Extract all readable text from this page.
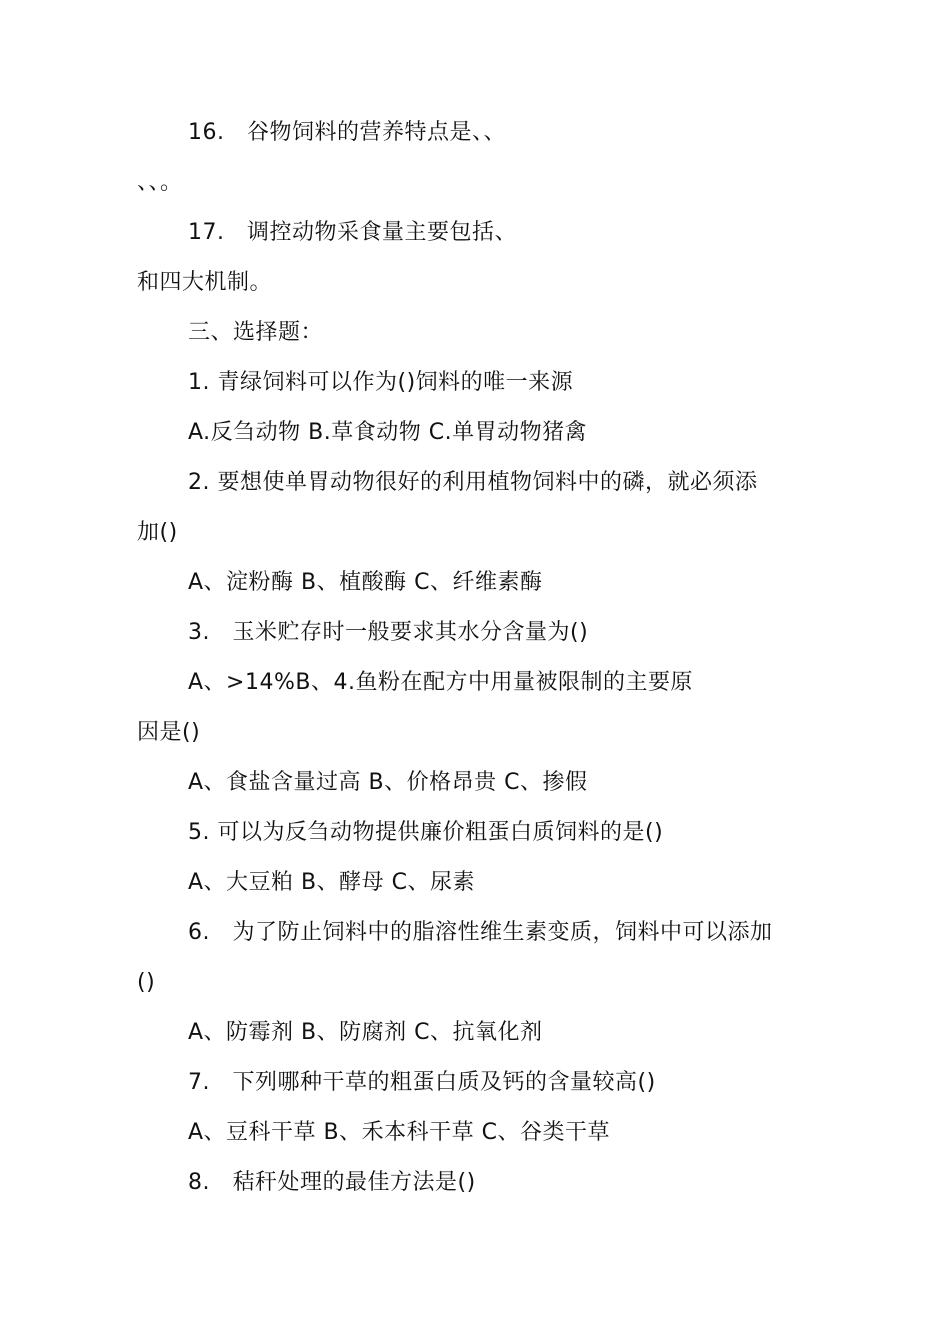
16.　谷物饲料的营养特点是、、
、、。
17.　调控动物采食量主要包括、
和四大机制。
三、选择题：
1. 青绿饲料可以作为()饲料的唯一来源
A.反刍动物 B.草食动物 C.单胃动物猪禽
2. 要想使单胃动物很好的利用植物饲料中的磷，就必须添
加()
A、淀粉酶 B、植酸酶 C、纤维素酶
3.　玉米贮存时一般要求其水分含量为()
A、>14%B、4.鱼粉在配方中用量被限制的主要原
因是()
A、食盐含量过高 B、价格昂贵 C、掺假
5. 可以为反刍动物提供廉价粗蛋白质饲料的是()
A、大豆粕 B、酵母 C、尿素
6.　为了防止饲料中的脂溶性维生素变质，饲料中可以添加
()
A、防霉剂 B、防腐剂 C、抗氧化剂
7.　下列哪种干草的粗蛋白质及钙的含量较高()
A、豆科干草 B、禾本科干草 C、谷类干草
8.　秸秆处理的最佳方法是()
